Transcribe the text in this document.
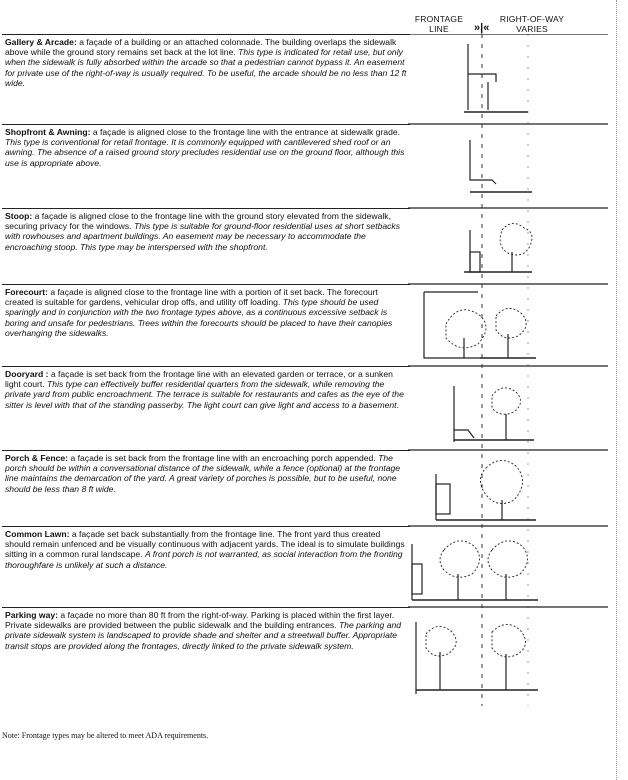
FRONTAGE
LINE	»|«
RIGHT-OF-WAY
VARIES
Gallery & Arcade: a façade of a building or an attached colonnade. The building overlaps the sidewalk above while the ground story remains set back at the lot line. This type is indicated for retail use, but only when the sidewalk is fully absorbed within the arcade so that a pedestrian cannot bypass it. An easement for private use of the right-of-way is usually required. To be useful, the arcade should be no less than 12 ft wide.
Shopfront & Awning: a façade is aligned close to the frontage line with the entrance at sidewalk grade. This type is conventional for retail frontage. It is commonly equipped with cantilevered shed roof or an awning. The absence of a raised ground story precludes residential use on the ground floor, although this use is appropriate above.
Stoop: a façade is aligned close to the frontage line with the ground story elevated from the sidewalk, securing privacy for the windows. This type is suitable for ground-floor residential uses at short setbacks with rowhouses and apartment buildings. An easement may be necessary to accommodate the encroaching stoop. This type may be interspersed with the shopfront.
Forecourt: a façade is aligned close to the frontage line with a portion of it set back. The forecourt created is suitable for gardens, vehicular drop offs, and utility off loading. This type should be used sparingly and in conjunction with the two frontage types above, as a continuous excessive setback is boring and unsafe for pedestrians. Trees within the forecourts should be placed to have their canopies overhanging the sidewalks.
Dooryard : a façade is set back from the frontage line with an elevated garden or terrace, or a sunken light court. This type can effectively buffer residential quarters from the sidewalk, while removing the private yard from public encroachment. The terrace is suitable for restaurants and cafes as the eye of the sitter is level with that of the standing passerby. The light court can give light and access to a basement.
Porch & Fence: a façade is set back from the frontage line with an encroaching porch appended. The porch should be within a conversational distance of the sidewalk, while a fence (optional) at the frontage line maintains the demarcation of the yard. A great variety of porches is possible, but to be useful, none should be less than 8 ft wide.
Common Lawn: a façade set back substantially from the frontage line. The front yard thus created should remain unfenced and be visually continuous with adjacent yards. The ideal is to simulate buildings sitting in a common rural landscape. A front porch is not warranted, as social interaction from the fronting thoroughfare is unlikely at such a distance.
Parking way: a façade no more than 80 ft from the right-of-way. Parking is placed within the first layer. Private sidewalks are provided between the public sidewalk and the building entrances. The parking and private sidewalk system is landscaped to provide shade and shelter and a streetwall buffer. Appropriate transit stops are provided along the frontages, directly linked to the private sidewalk system.
Note: Frontage types may be altered to meet ADA requirements.
